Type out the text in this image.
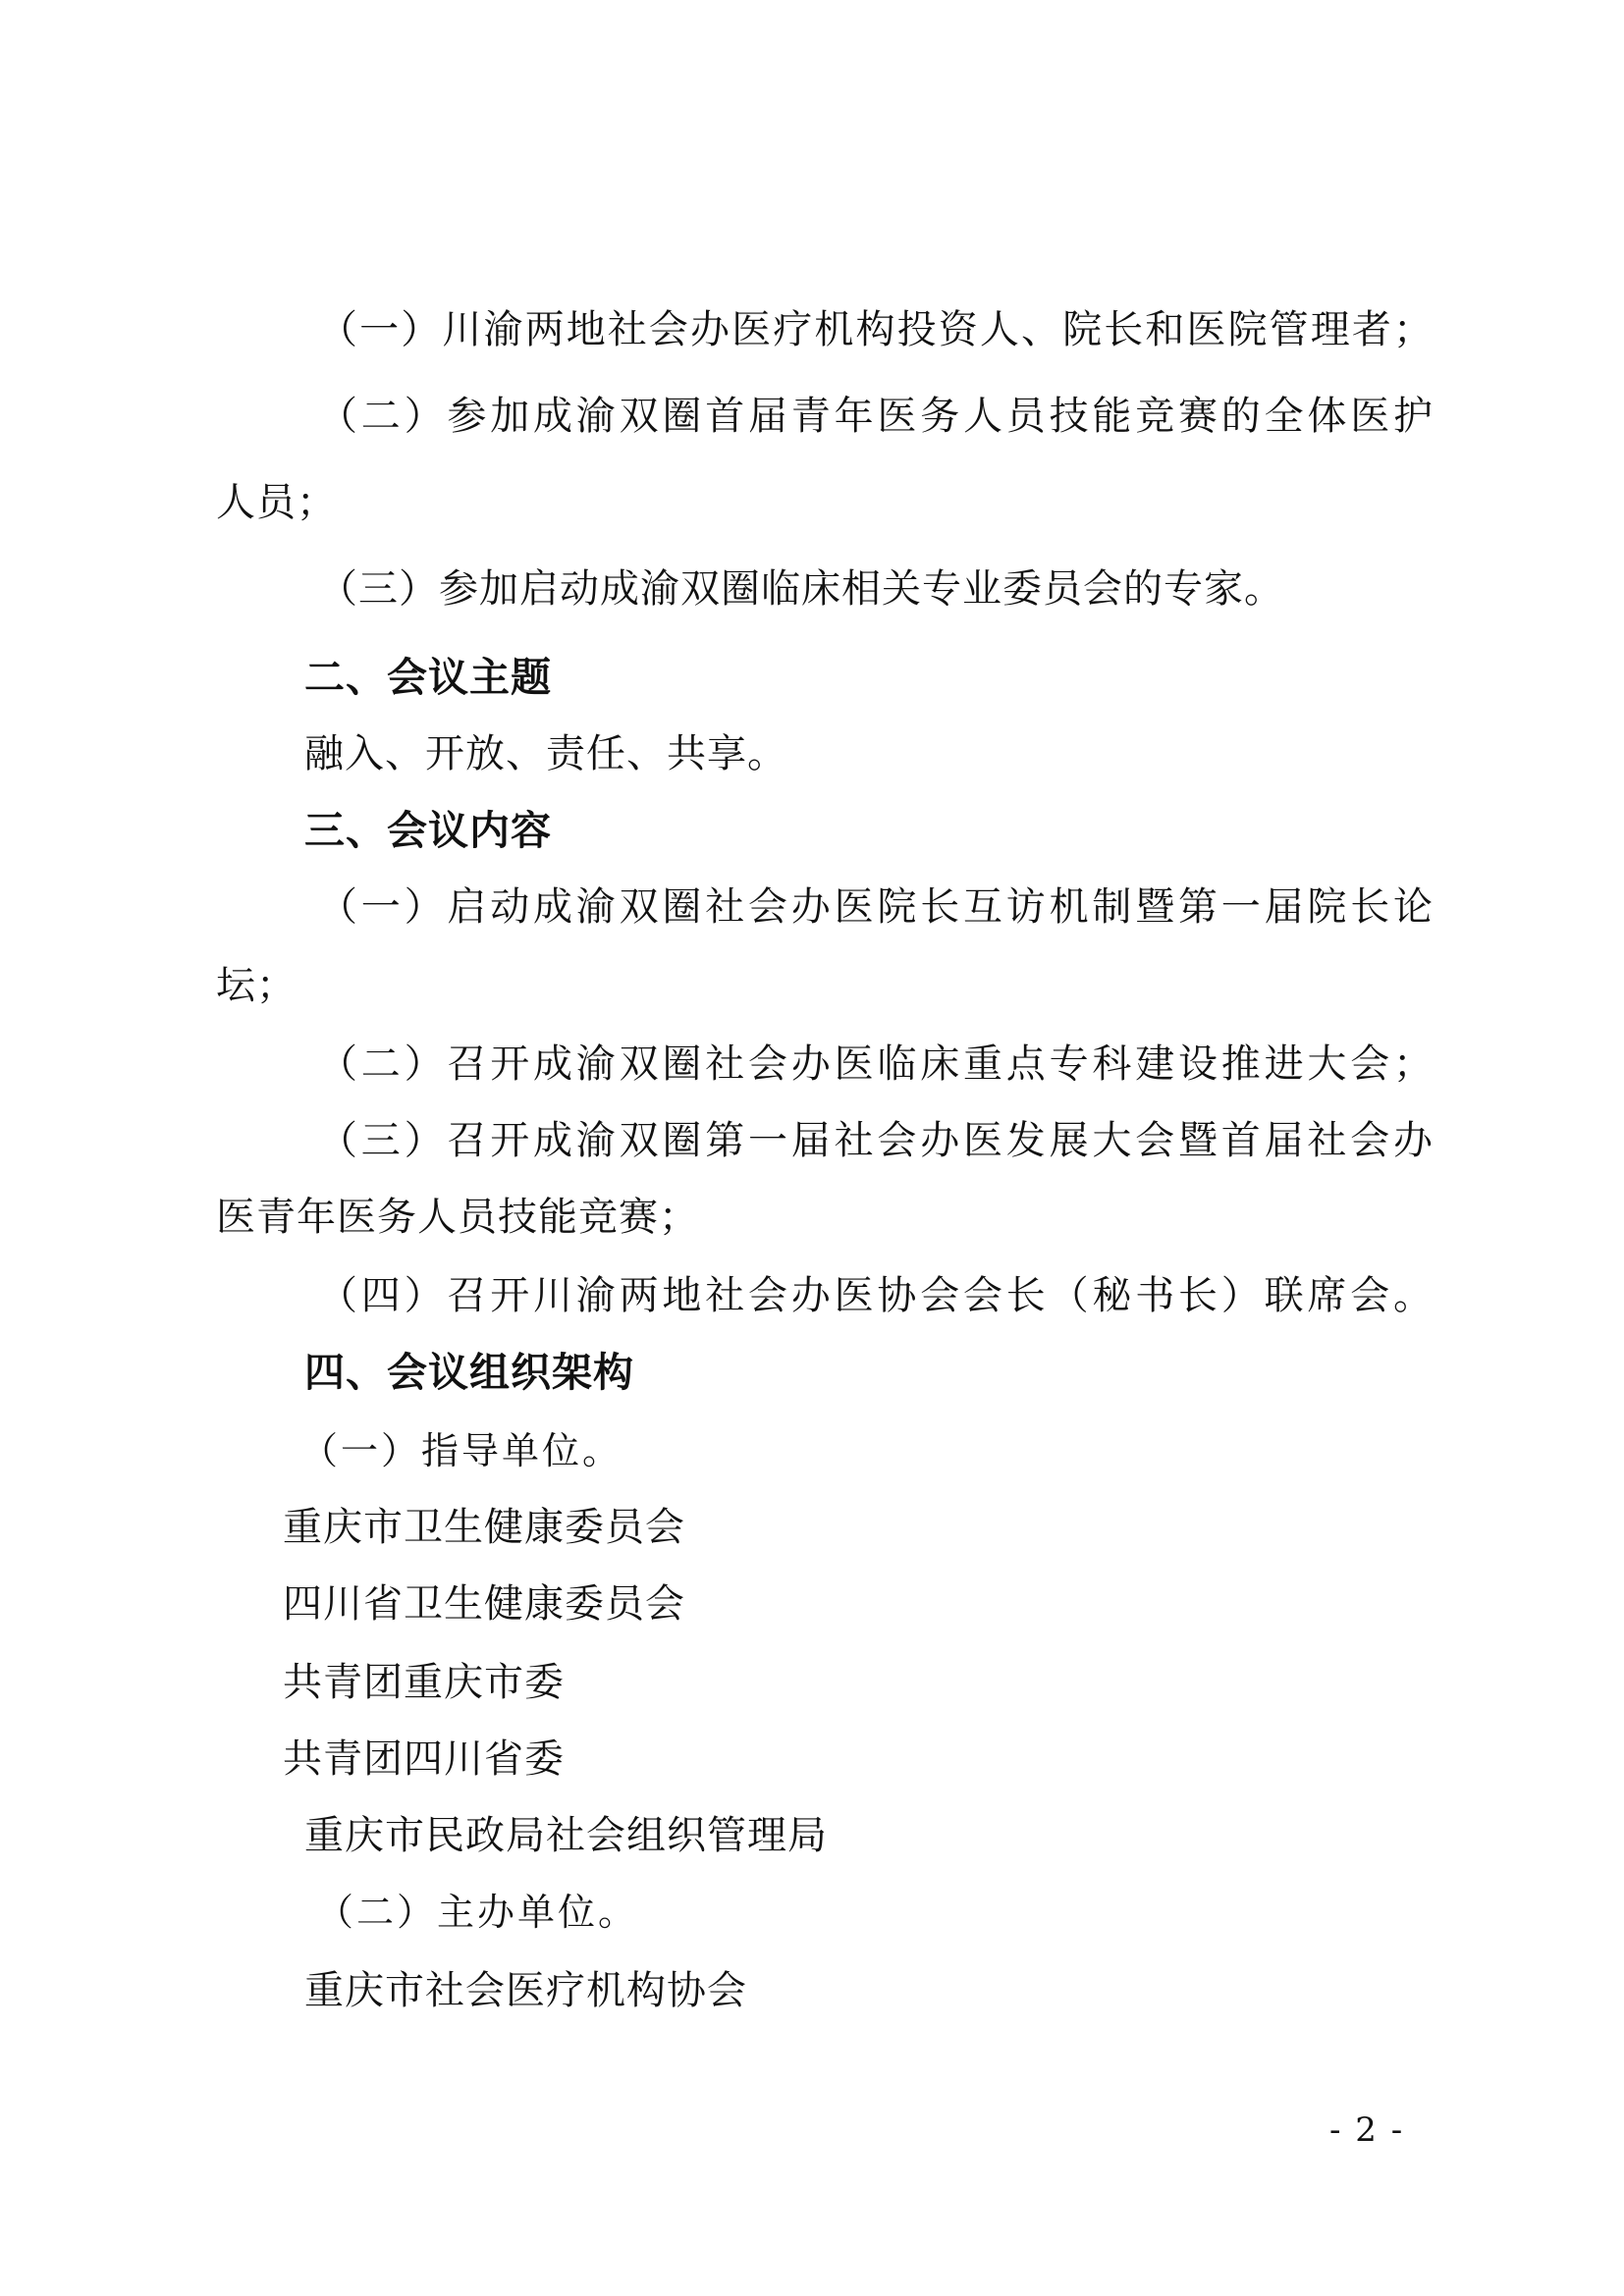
（一）川渝两地社会办医疗机构投资人、院长和医院管理者；
（二）参加成渝双圈首届青年医务人员技能竞赛的全体医护
人员；
（三）参加启动成渝双圈临床相关专业委员会的专家。
二、会议主题
融入、开放、责任、共享。
三、会议内容
（一）启动成渝双圈社会办医院长互访机制暨第一届院长论
坛；
（二）召开成渝双圈社会办医临床重点专科建设推进大会；
（三）召开成渝双圈第一届社会办医发展大会暨首届社会办
医青年医务人员技能竞赛；
（四）召开川渝两地社会办医协会会长（秘书长）联席会。
四、会议组织架构
（一）指导单位。
重庆市卫生健康委员会
四川省卫生健康委员会
共青团重庆市委
共青团四川省委
重庆市民政局社会组织管理局
（二）主办单位。
重庆市社会医疗机构协会
- 2 -
